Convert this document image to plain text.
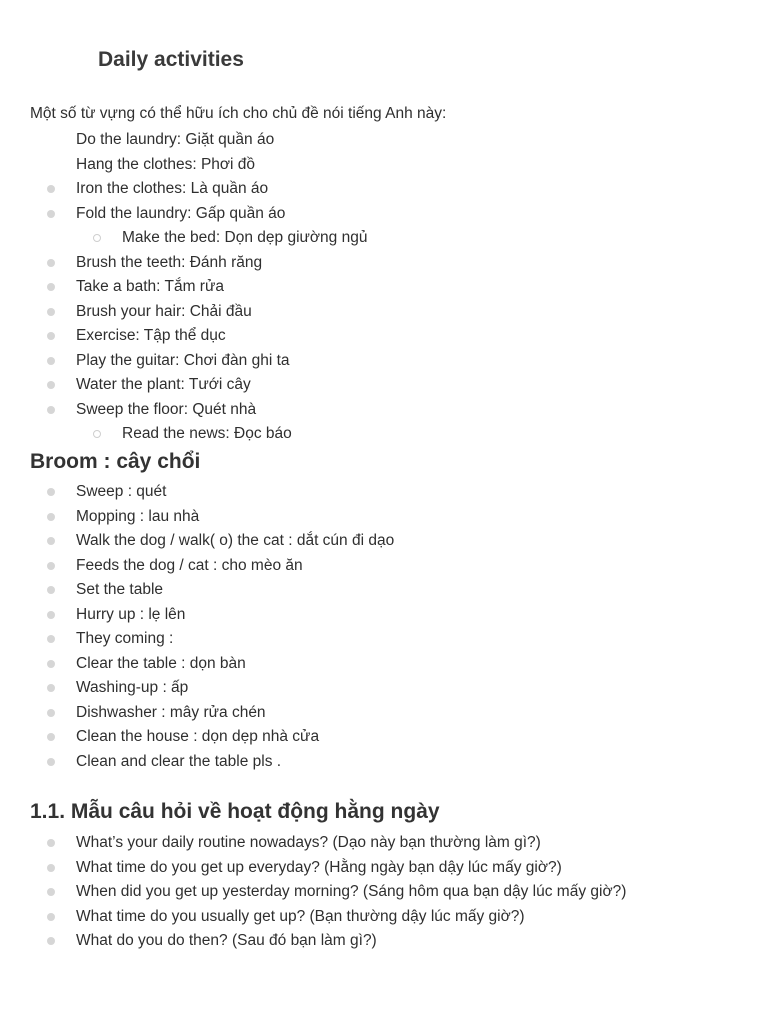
Daily activities

Một số từ vựng có thể hữu ích cho chủ đề nói tiếng Anh này:

Do the laundry: Giặt quần áo
Hang the clothes: Phơi đồ
Iron the clothes: Là quần áo
Fold the laundry: Gấp quần áo
Make the bed: Dọn dẹp giường ngủ
Brush the teeth: Đánh răng
Take a bath: Tắm rửa
Brush your hair: Chải đầu
Exercise: Tập thể dục
Play the guitar: Chơi đàn ghi ta
Water the plant: Tưới cây
Sweep the floor: Quét nhà
Read the news: Đọc báo
Broom : cây chổi
Sweep : quét
Mopping : lau nhà
Walk the dog / walk( o) the cat : dắt cún đi dạo
Feeds the dog / cat : cho mèo ăn
Set the table
Hurry up : lẹ lên
They coming :
Clear the table : dọn bàn
Washing-up : ấp
Dishwasher : mây rửa chén
Clean the house : dọn dẹp nhà cửa
Clean and clear the table pls .
1.1. Mẫu câu hỏi về hoạt động hằng ngày
What’s your daily routine nowadays? (Dạo này bạn thường làm gì?)
What time do you get up everyday? (Hằng ngày bạn dậy lúc mấy giờ?)
When did you get up yesterday morning? (Sáng hôm qua bạn dậy lúc mấy giờ?)
What time do you usually get up? (Bạn thường dậy lúc mấy giờ?)
What do you do then? (Sau đó bạn làm gì?)
